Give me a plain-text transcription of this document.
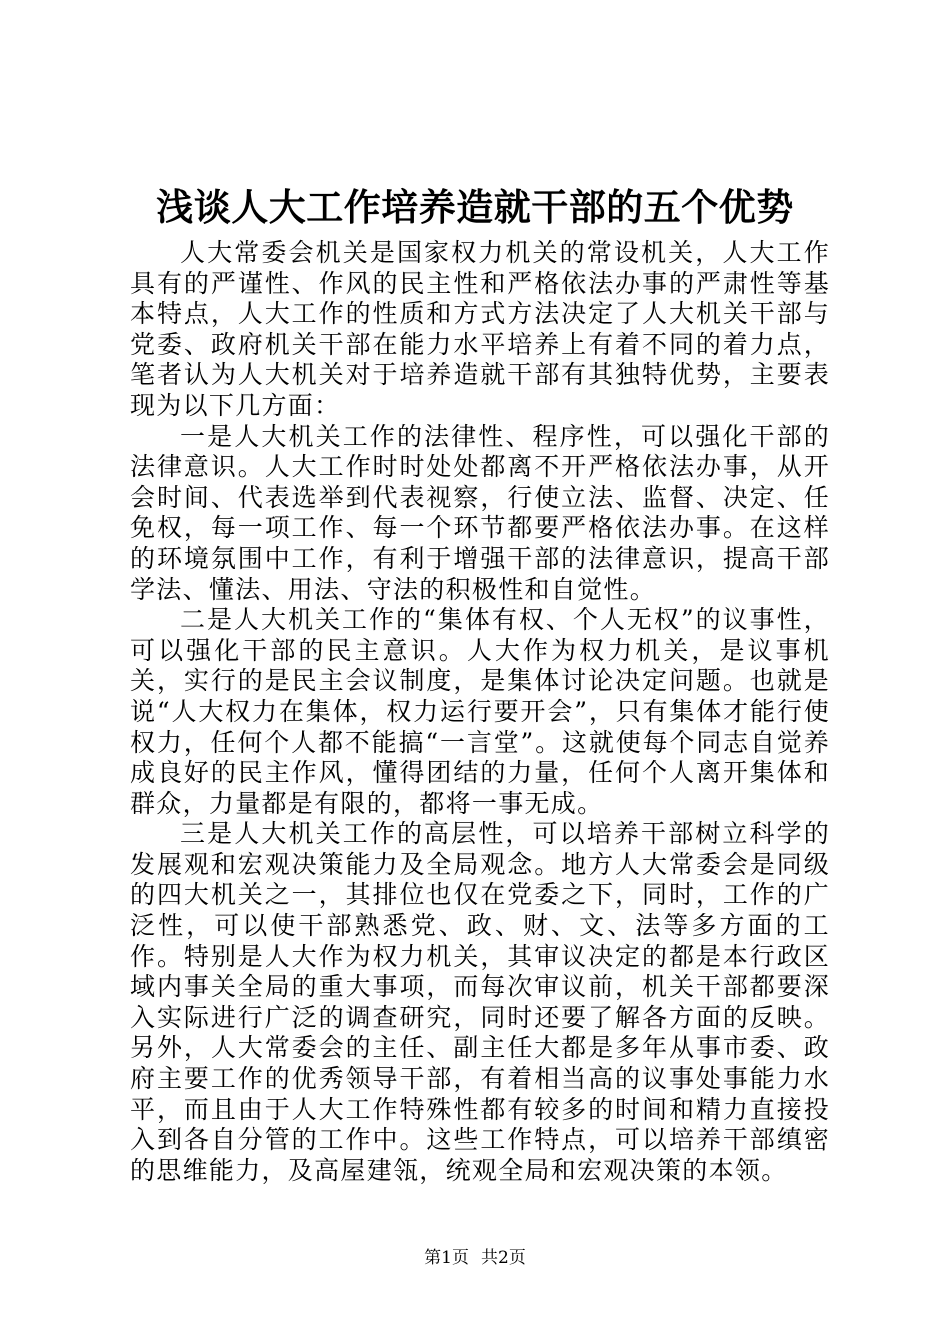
浅谈人大工作培养造就干部的五个优势

人大常委会机关是国家权力机关的常设机关，人大工作具有的严谨性、作风的民主性和严格依法办事的严肃性等基本特点，人大工作的性质和方式方法决定了人大机关干部与党委、政府机关干部在能力水平培养上有着不同的着力点，笔者认为人大机关对于培养造就干部有其独特优势，主要表现为以下几方面：

一是人大机关工作的法律性、程序性，可以强化干部的法律意识。人大工作时时处处都离不开严格依法办事，从开会时间、代表选举到代表视察，行使立法、监督、决定、任免权，每一项工作、每一个环节都要严格依法办事。在这样的环境氛围中工作，有利于增强干部的法律意识，提高干部学法、懂法、用法、守法的积极性和自觉性。

二是人大机关工作的“集体有权、个人无权”的议事性，可以强化干部的民主意识。人大作为权力机关，是议事机关，实行的是民主会议制度，是集体讨论决定问题。也就是说“人大权力在集体，权力运行要开会”，只有集体才能行使权力，任何个人都不能搞“一言堂”。这就使每个同志自觉养成良好的民主作风，懂得团结的力量，任何个人离开集体和群众，力量都是有限的，都将一事无成。

三是人大机关工作的高层性，可以培养干部树立科学的发展观和宏观决策能力及全局观念。地方人大常委会是同级的四大机关之一，其排位也仅在党委之下，同时，工作的广泛性，可以使干部熟悉党、政、财、文、法等多方面的工作。特别是人大作为权力机关，其审议决定的都是本行政区域内事关全局的重大事项，而每次审议前，机关干部都要深入实际进行广泛的调查研究，同时还要了解各方面的反映。另外，人大常委会的主任、副主任大都是多年从事市委、政府主要工作的优秀领导干部，有着相当高的议事处事能力水平，而且由于人大工作特殊性都有较多的时间和精力直接投入到各自分管的工作中。这些工作特点，可以培养干部缜密的思维能力，及高屋建瓴，统观全局和宏观决策的本领。

第1页 共2页
